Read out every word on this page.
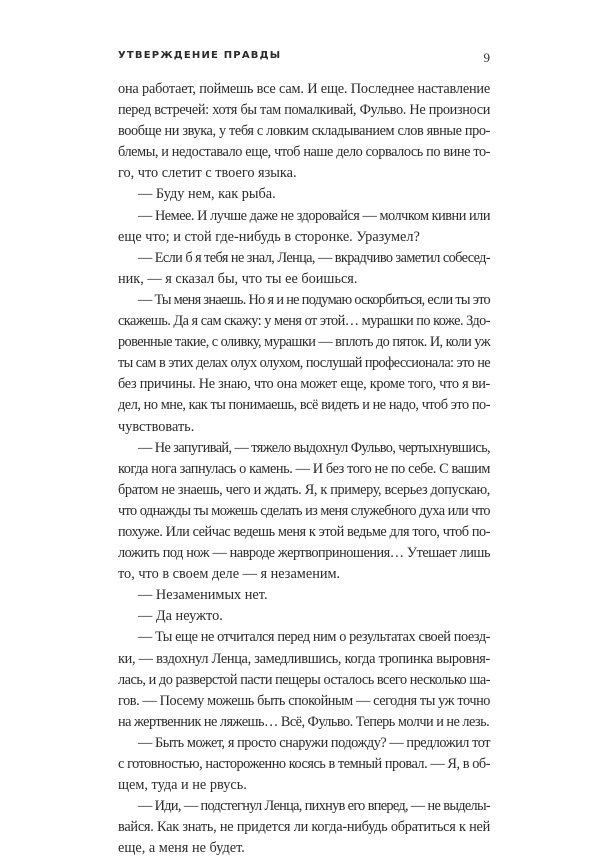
УТВЕРЖДЕНИЕ ПРАВДЫ	9
она работает, поймешь все сам. И еще. Последнее наставление
перед встречей: хотя бы там помалкивай, Фульво. Не произноси
вообще ни звука, у тебя с ловким складыванием слов явные про-
блемы, и недоставало еще, чтоб наше дело сорвалось по вине то-
го, что слетит с твоего языка.
— Буду нем, как рыба.
— Немее. И лучше даже не здоровайся — молчком кивни или
еще что; и стой где-нибудь в сторонке. Уразумел?
— Если б я тебя не знал, Ленца, — вкрадчиво заметил собесед-
ник, — я сказал бы, что ты ее боишься.
— Ты меня знаешь. Но я и не подумаю оскорбиться, если ты это
скажешь. Да я сам скажу: у меня от этой… мурашки по коже. Здо-
ровенные такие, с оливку, мурашки — вплоть до пяток. И, коли уж
ты сам в этих делах олух олухом, послушай профессионала: это не
без причины. Не знаю, что она может еще, кроме того, что я ви-
дел, но мне, как ты понимаешь, всё видеть и не надо, чтоб это по-
чувствовать.
— Не запугивай, — тяжело выдохнул Фульво, чертыхнувшись,
когда нога запнулась о камень. — И без того не по себе. С вашим
братом не знаешь, чего и ждать. Я, к примеру, всерьез допускаю,
что однажды ты можешь сделать из меня служебного духа или что
похуже. Или сейчас ведешь меня к этой ведьме для того, чтоб по-
ложить под нож — навроде жертвоприношения… Утешает лишь
то, что в своем деле — я незаменим.
— Незаменимых нет.
— Да неужто.
— Ты еще не отчитался перед ним о результатах своей поезд-
ки, — вздохнул Ленца, замедлившись, когда тропинка выровня-
лась, и до разверстой пасти пещеры осталось всего несколько ша-
гов. — Посему можешь быть спокойным — сегодня ты уж точно
на жертвенник не ляжешь… Всё, Фульво. Теперь молчи и не лезь.
— Быть может, я просто снаружи подожду? — предложил тот
с готовностью, настороженно косясь в темный провал. — Я, в об-
щем, туда и не рвусь.
— Иди, — подстегнул Ленца, пихнув его вперед, — не выделы-
вайся. Как знать, не придется ли когда-нибудь обратиться к ней
еще, а меня не будет.
